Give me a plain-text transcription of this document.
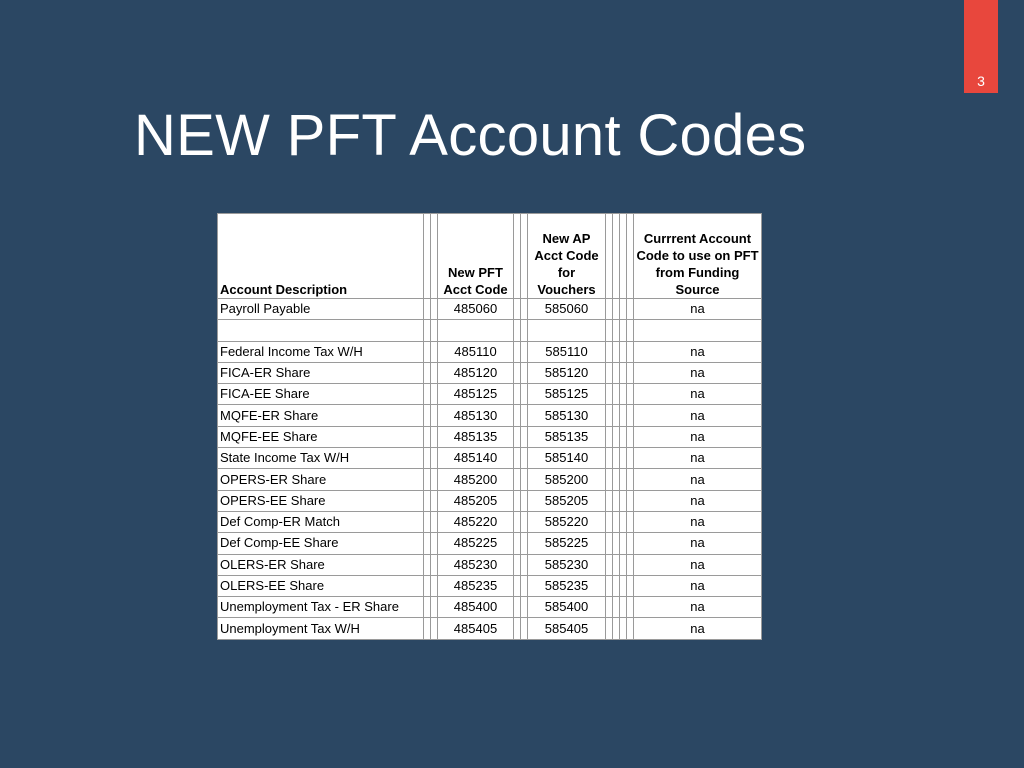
3
NEW PFT Account Codes
Account Description			New PFT Acct Code			New AP Acct Code for Vouchers					Currrent Account Code to use on PFT from Funding Source
Payroll Payable			485060			585060					na

Federal Income Tax W/H			485110			585110					na
FICA-ER Share			485120			585120					na
FICA-EE Share			485125			585125					na
MQFE-ER Share			485130			585130					na
MQFE-EE Share			485135			585135					na
State Income Tax W/H			485140			585140					na
OPERS-ER Share			485200			585200					na
OPERS-EE Share			485205			585205					na
Def Comp-ER Match			485220			585220					na
Def Comp-EE Share			485225			585225					na
OLERS-ER Share			485230			585230					na
OLERS-EE Share			485235			585235					na
Unemployment Tax - ER Share			485400			585400					na
Unemployment Tax W/H			485405			585405					na
